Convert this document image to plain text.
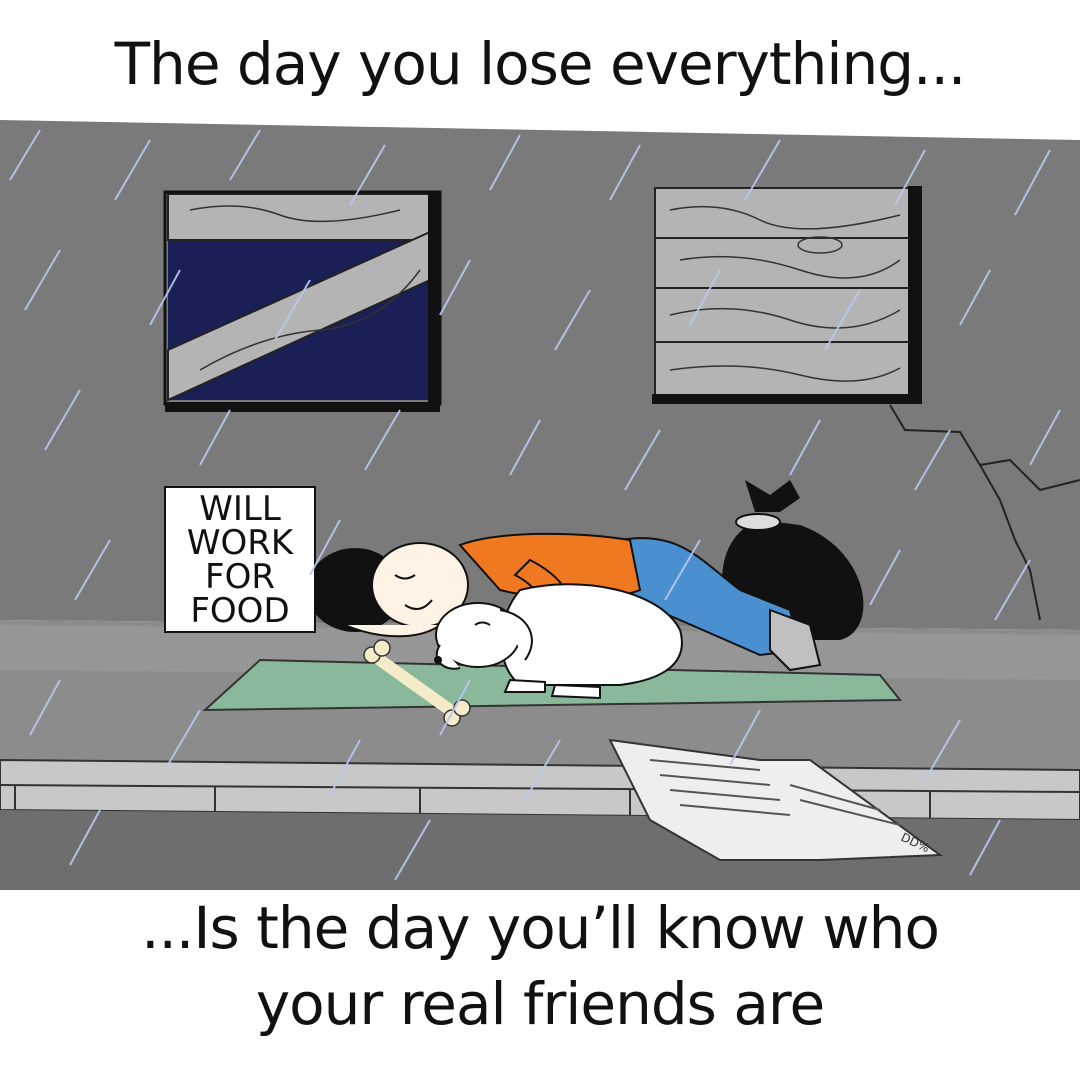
The day you lose everything...
WILL
WORK
FOR
FOOD
DD%
...Is the day you’ll know who
your real friends are
